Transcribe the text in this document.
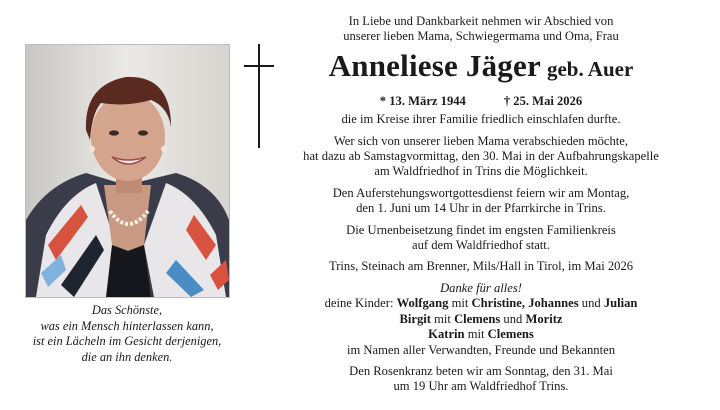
Das Schönste,
was ein Mensch hinterlassen kann,
ist ein Lächeln im Gesicht derjenigen,
die an ihn denken.
In Liebe und Dankbarkeit nehmen wir Abschied von
unserer lieben Mama, Schwiegermama und Oma, Frau
Anneliese Jäger geb. Auer
* 13. März 1944	† 25. Mai 2026
die im Kreise ihrer Familie friedlich einschlafen durfte.
Wer sich von unserer lieben Mama verabschieden möchte,
hat dazu ab Samstagvormittag, den 30. Mai in der Aufbahrungskapelle
am Waldfriedhof in Trins die Möglichkeit.
Den Auferstehungswortgottesdienst feiern wir am Montag,
den 1. Juni um 14 Uhr in der Pfarrkirche in Trins.
Die Urnenbeisetzung findet im engsten Familienkreis
auf dem Waldfriedhof statt.
Trins, Steinach am Brenner, Mils/Hall in Tirol, im Mai 2026
Danke für alles!
deine Kinder: Wolfgang mit Christine, Johannes und Julian
Birgit mit Clemens und Moritz
Katrin mit Clemens
im Namen aller Verwandten, Freunde und Bekannten
Den Rosenkranz beten wir am Sonntag, den 31. Mai
um 19 Uhr am Waldfriedhof Trins.
